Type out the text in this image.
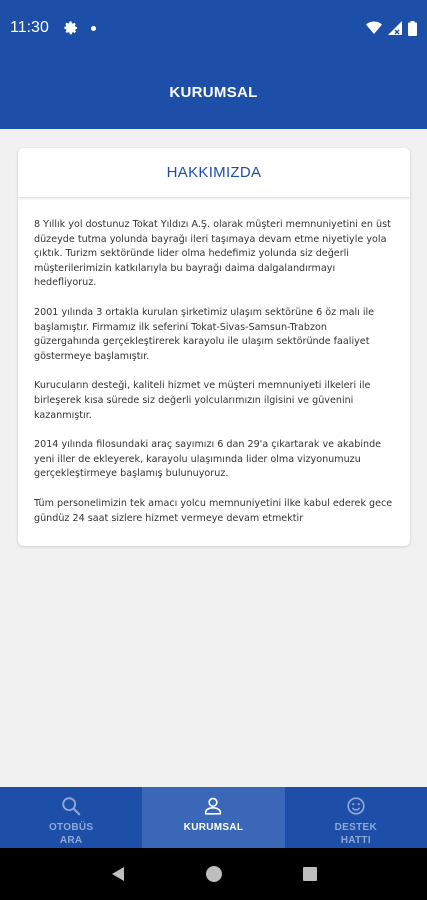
11:30
KURUMSAL
HAKKIMIZDA

8 Yıllık yol dostunuz Tokat Yıldızı A.Ş. olarak müşteri memnuniyetini en üst düzeyde tutma yolunda bayrağı ileri taşımaya devam etme niyetiyle yola çıktık. Turizm sektöründe lider olma hedefimiz yolunda siz değerli müşterilerimizin katkılarıyla bu bayrağı daima dalgalandırmayı hedefliyoruz.

2001 yılında 3 ortakla kurulan şirketimiz ulaşım sektörüne 6 öz malı ile başlamıştır. Firmamız ilk seferini Tokat-Sivas-Samsun-Trabzon güzergahında gerçekleştirerek karayolu ile ulaşım sektöründe faaliyet göstermeye başlamıştır.

Kurucuların desteği, kaliteli hizmet ve müşteri memnuniyeti ilkeleri ile birleşerek kısa sürede siz değerli yolcularımızın ilgisini ve güvenini kazanmıştır.

2014 yılında filosundaki araç sayımızı 6 dan 29'a çıkartarak ve akabinde yeni iller de ekleyerek, karayolu ulaşımında lider olma vizyonumuzu gerçekleştirmeye başlamış bulunuyoruz.

Tüm personelimizin tek amacı yolcu memnuniyetini ilke kabul ederek gece gündüz 24 saat sizlere hizmet vermeye devam etmektir

OTOBÜS
ARA
KURUMSAL	DESTEK
HATTI
